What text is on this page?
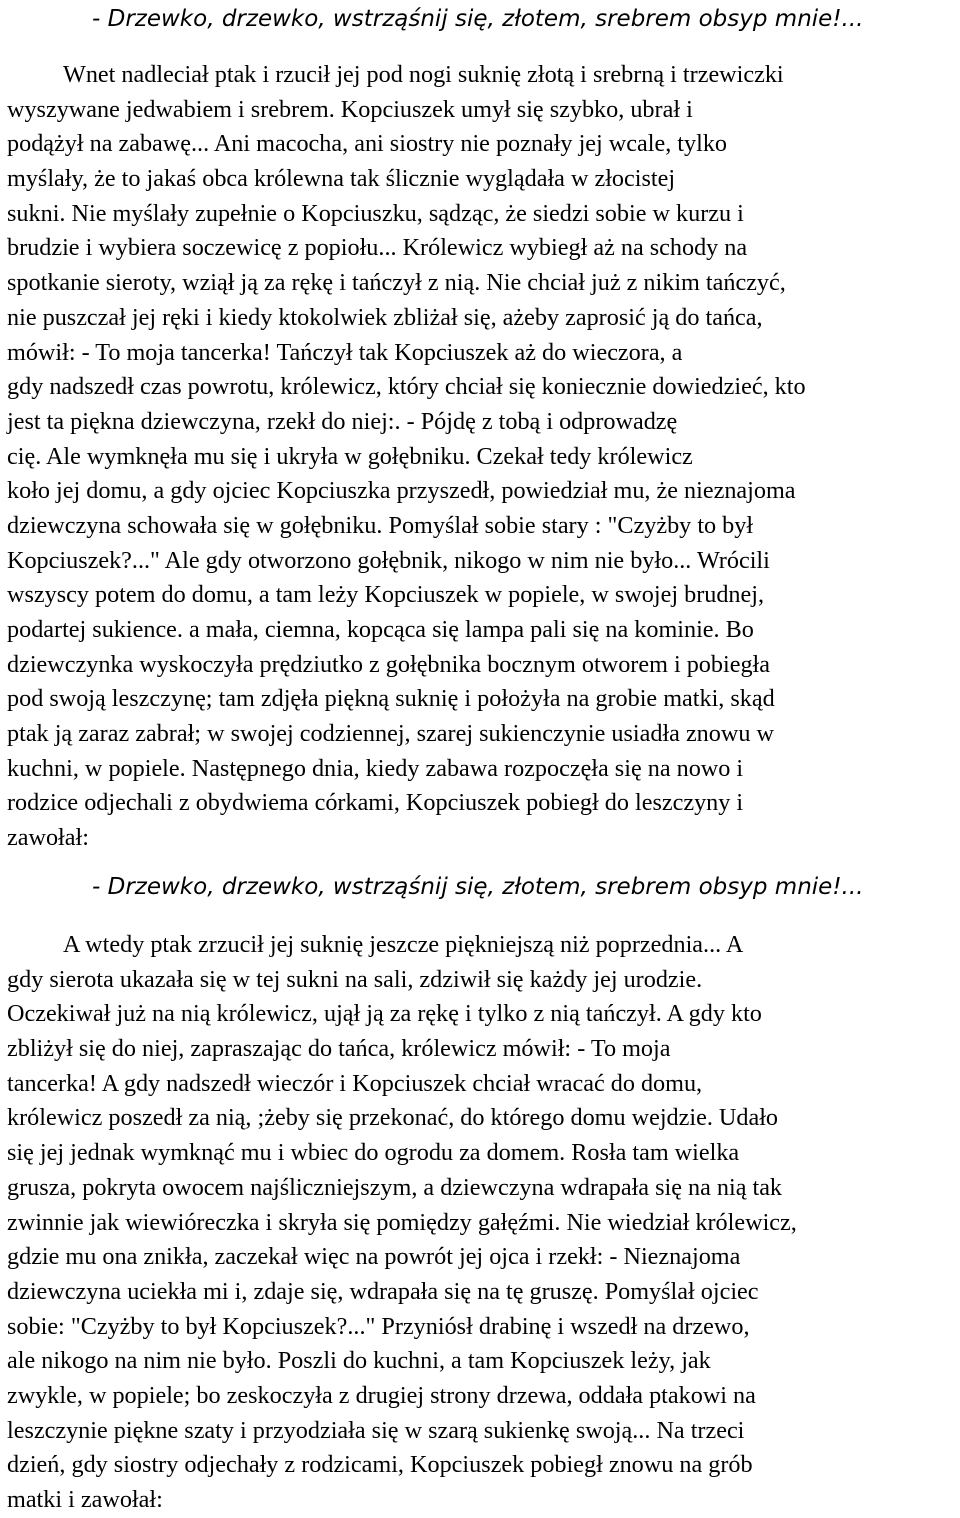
- Drzewko, drzewko, wstrząśnij się, złotem, srebrem obsyp mnie!...
Wnet nadleciał ptak i rzucił jej pod nogi suknię złotą i srebrną i trzewiczki
wyszywane jedwabiem i srebrem. Kopciuszek umył się szybko, ubrał i
podążył na zabawę... Ani macocha, ani siostry nie poznały jej wcale, tylko
myślały, że to jakaś obca królewna tak ślicznie wyglądała w złocistej
sukni. Nie myślały zupełnie o Kopciuszku, sądząc, że siedzi sobie w kurzu i
brudzie i wybiera soczewicę z popiołu... Królewicz wybiegł aż na schody na
spotkanie sieroty, wziął ją za rękę i tańczył z nią. Nie chciał już z nikim tańczyć,
nie puszczał jej ręki i kiedy ktokolwiek zbliżał się, ażeby zaprosić ją do tańca,
mówił: - To moja tancerka! Tańczył tak Kopciuszek aż do wieczora, a
gdy nadszedł czas powrotu, królewicz, który chciał się koniecznie dowiedzieć, kto
jest ta piękna dziewczyna, rzekł do niej:. - Pójdę z tobą i odprowadzę
cię. Ale wymknęła mu się i ukryła w gołębniku. Czekał tedy królewicz
koło jej domu, a gdy ojciec Kopciuszka przyszedł, powiedział mu, że nieznajoma
dziewczyna schowała się w gołębniku. Pomyślał sobie stary : "Czyżby to był
Kopciuszek?..." Ale gdy otworzono gołębnik, nikogo w nim nie było... Wrócili
wszyscy potem do domu, a tam leży Kopciuszek w popiele, w swojej brudnej,
podartej sukience. a mała, ciemna, kopcąca się lampa pali się na kominie. Bo
dziewczynka wyskoczyła prędziutko z gołębnika bocznym otworem i pobiegła
pod swoją leszczynę; tam zdjęła piękną suknię i położyła na grobie matki, skąd
ptak ją zaraz zabrał; w swojej codziennej, szarej sukienczynie usiadła znowu w
kuchni, w popiele. Następnego dnia, kiedy zabawa rozpoczęła się na nowo i
rodzice odjechali z obydwiema córkami, Kopciuszek pobiegł do leszczyny i
zawołał:
- Drzewko, drzewko, wstrząśnij się, złotem, srebrem obsyp mnie!...
A wtedy ptak zrzucił jej suknię jeszcze piękniejszą niż poprzednia... A
gdy sierota ukazała się w tej sukni na sali, zdziwił się każdy jej urodzie.
Oczekiwał już na nią królewicz, ujął ją za rękę i tylko z nią tańczył. A gdy kto
zbliżył się do niej, zapraszając do tańca, królewicz mówił: - To moja
tancerka! A gdy nadszedł wieczór i Kopciuszek chciał wracać do domu,
królewicz poszedł za nią, ;żeby się przekonać, do którego domu wejdzie. Udało
się jej jednak wymknąć mu i wbiec do ogrodu za domem. Rosła tam wielka
grusza, pokryta owocem najśliczniejszym, a dziewczyna wdrapała się na nią tak
zwinnie jak wiewióreczka i skryła się pomiędzy gałęźmi. Nie wiedział królewicz,
gdzie mu ona znikła, zaczekał więc na powrót jej ojca i rzekł: - Nieznajoma
dziewczyna uciekła mi i, zdaje się, wdrapała się na tę gruszę. Pomyślał ojciec
sobie: "Czyżby to był Kopciuszek?..." Przyniósł drabinę i wszedł na drzewo,
ale nikogo na nim nie było. Poszli do kuchni, a tam Kopciuszek leży, jak
zwykle, w popiele; bo zeskoczyła z drugiej strony drzewa, oddała ptakowi na
leszczynie piękne szaty i przyodziała się w szarą sukienkę swoją... Na trzeci
dzień, gdy siostry odjechały z rodzicami, Kopciuszek pobiegł znowu na grób
matki i zawołał:
